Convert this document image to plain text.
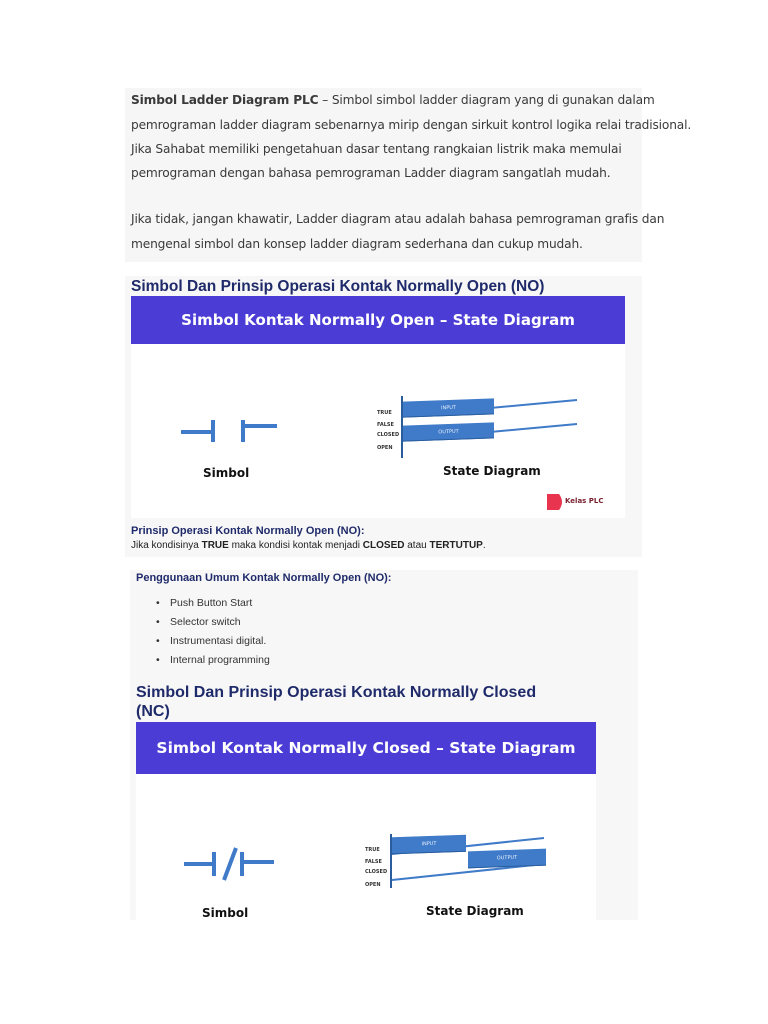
Simbol Ladder Diagram PLC – Simbol simbol ladder diagram yang di gunakan dalam

pemrograman ladder diagram sebenarnya mirip dengan sirkuit kontrol logika relai tradisional.

Jika Sahabat memiliki pengetahuan dasar tentang rangkaian listrik maka memulai

pemrograman dengan bahasa pemrograman Ladder diagram sangatlah mudah.

Jika tidak, jangan khawatir, Ladder diagram atau adalah bahasa pemrograman grafis dan

mengenal simbol dan konsep ladder diagram sederhana dan cukup mudah.

Simbol Dan Prinsip Operasi Kontak Normally Open (NO)
Simbol Kontak Normally Open – State Diagram
Simbol
TRUE
FALSE
CLOSED
OPEN
INPUT
OUTPUT
State Diagram
Kelas PLC
Prinsip Operasi Kontak Normally Open (NO):
Jika kondisinya TRUE maka kondisi kontak menjadi CLOSED atau TERTUTUP.
Penggunaan Umum Kontak Normally Open (NO):
• Push Button Start
• Selector switch
• Instrumentasi digital.
• Internal programming
Simbol Dan Prinsip Operasi Kontak Normally Closed
(NC)
Simbol Kontak Normally Closed – State Diagram
Simbol
TRUE
FALSE
CLOSED
OPEN
INPUT
OUTPUT
State Diagram
